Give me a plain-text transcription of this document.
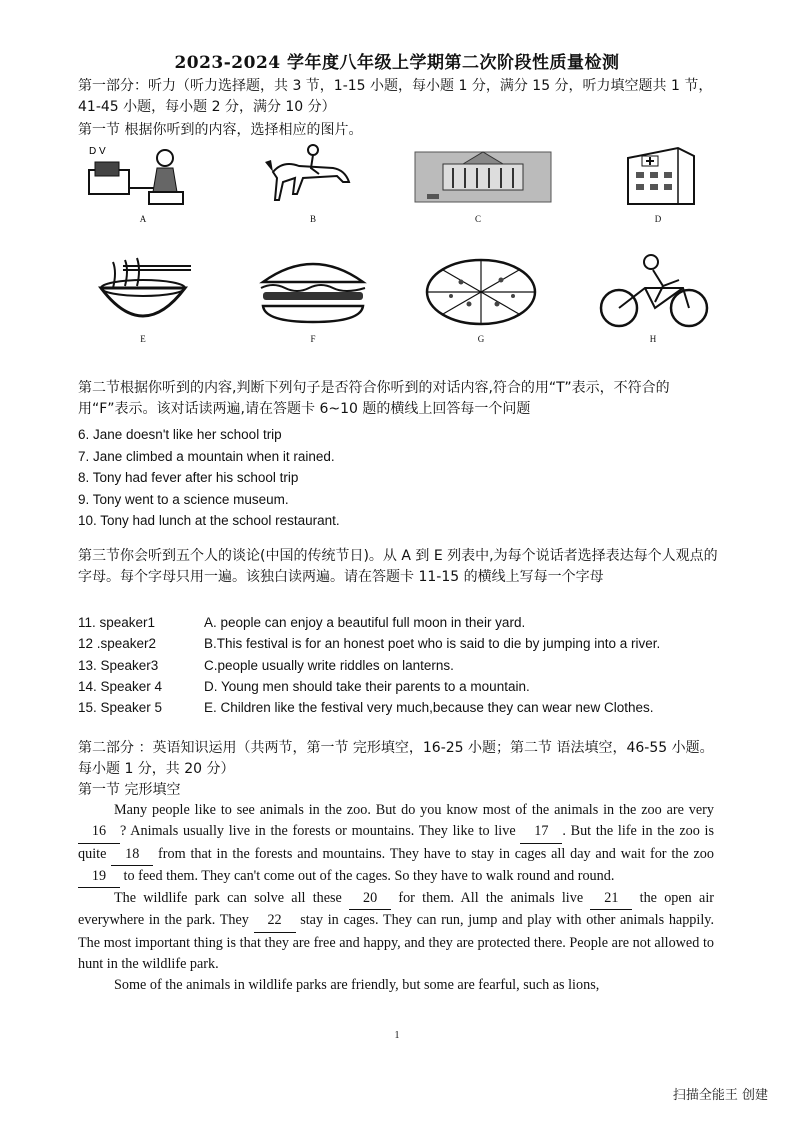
2023-2024 学年度八年级上学期第二次阶段性质量检测
第一部分：听力（听力选择题，共 3 节，1-15 小题，每小题 1 分，满分 15 分，听力填空题共 1 节，41-45 小题，每小题 2 分，满分 10 分）
第一节 根据你听到的内容，选择相应的图片。
D V
A	B	C	D
E	F	G	H
第二节根据你听到的内容,判断下列句子是否符合你听到的对话内容,符合的用“T”表示，不符合的用“F”表示。该对话读两遍,请在答题卡 6~10 题的横线上回答每一个问题
6. Jane doesn't like her school trip
7. Jane climbed a mountain when it rained.
8. Tony had fever after his school trip
9. Tony went to a science museum.
10. Tony had lunch at the school restaurant.
第三节你会听到五个人的谈论(中国的传统节日)。从 A 到 E 列表中,为每个说话者选择表达每个人观点的字母。每个字母只用一遍。该独白读两遍。请在答题卡 11-15 的横线上写每一个字母
11. speaker1	A. people can enjoy a beautiful full moon in their yard.
12 .speaker2	B.This festival is for an honest poet who is said to die by jumping into a river.
13. Speaker3	C.people usually write riddles on lanterns.
14. Speaker 4	D. Young men should take their parents to a mountain.
15. Speaker 5	E. Children like the festival very much,because they can wear new Clothes.
第二部分 ：英语知识运用（共两节，第一节 完形填空，16-25 小题；第二节 语法填空，46-55 小题。每小题 1 分，共 20 分）
第一节 完形填空

Many people like to see animals in the zoo. But do you know most of the animals in the zoo are very 16 ? Animals usually live in the forests or mountains. They like to live 17 . But the life in the zoo is quite 18 from that in the forests and mountains. They have to stay in cages all day and wait for the zoo 19 to feed them. They can't come out of the cages. So they have to walk round and round.

The wildlife park can solve all these 20 for them. All the animals live 21 the open air everywhere in the park. They 22 stay in cages. They can run, jump and play with other animals happily. The most important thing is that they are free and happy, and they are protected there. People are not allowed to hunt in the wildlife park.

Some of the animals in wildlife parks are friendly, but some are fearful, such as lions,

1
扫描全能王 创建
